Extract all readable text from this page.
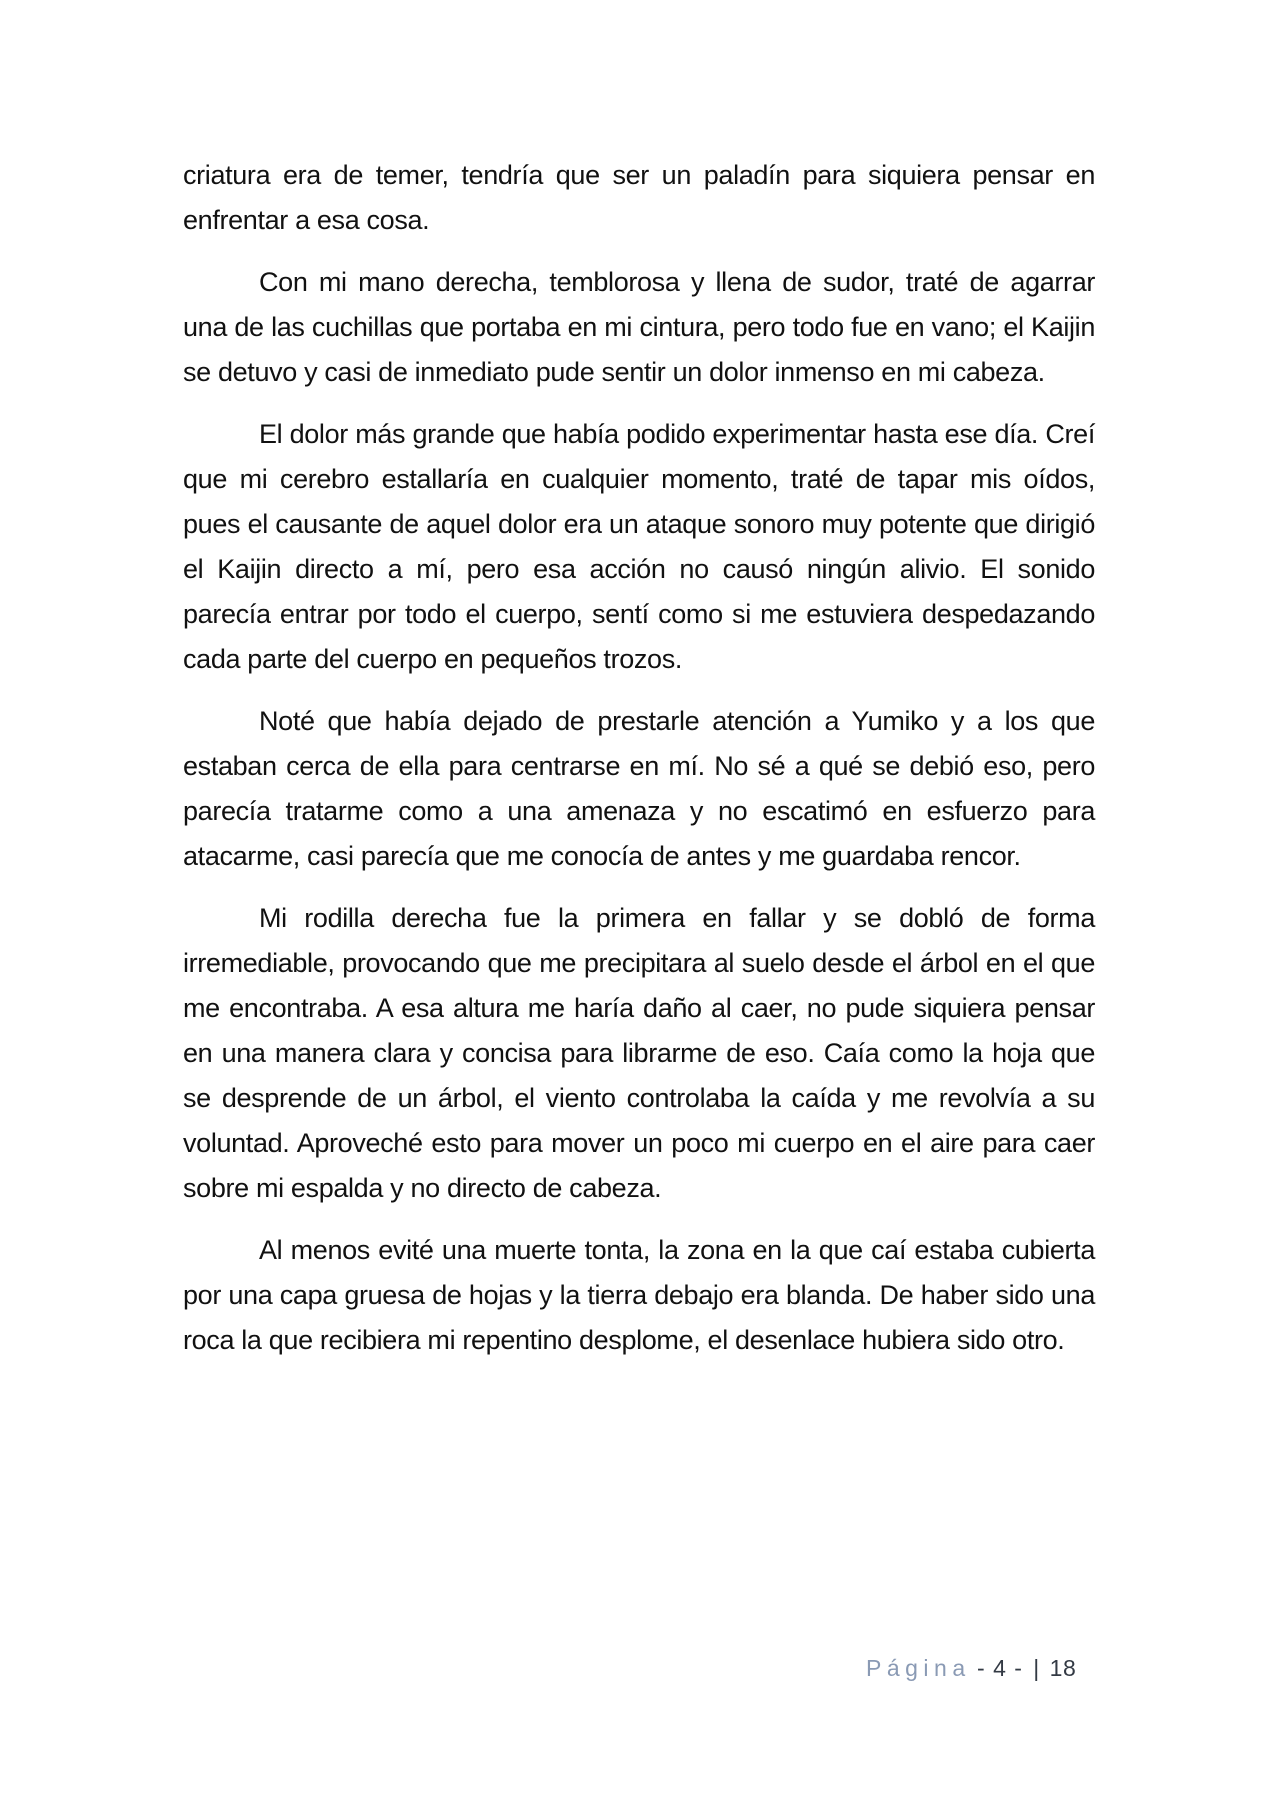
criatura era de temer, tendría que ser un paladín para siquiera pensar en enfrentar a esa cosa.

Con mi mano derecha, temblorosa y llena de sudor, traté de agarrar una de las cuchillas que portaba en mi cintura, pero todo fue en vano; el Kaijin se detuvo y casi de inmediato pude sentir un dolor inmenso en mi cabeza.

El dolor más grande que había podido experimentar hasta ese día. Creí que mi cerebro estallaría en cualquier momento, traté de tapar mis oídos, pues el causante de aquel dolor era un ataque sonoro muy potente que dirigió el Kaijin directo a mí, pero esa acción no causó ningún alivio. El sonido parecía entrar por todo el cuerpo, sentí como si me estuviera despedazando cada parte del cuerpo en pequeños trozos.

Noté que había dejado de prestarle atención a Yumiko y a los que estaban cerca de ella para centrarse en mí. No sé a qué se debió eso, pero parecía tratarme como a una amenaza y no escatimó en esfuerzo para atacarme, casi parecía que me conocía de antes y me guardaba rencor.

Mi rodilla derecha fue la primera en fallar y se dobló de forma irremediable, provocando que me precipitara al suelo desde el árbol en el que me encontraba. A esa altura me haría daño al caer, no pude siquiera pensar en una manera clara y concisa para librarme de eso. Caía como la hoja que se desprende de un árbol, el viento controlaba la caída y me revolvía a su voluntad. Aproveché esto para mover un poco mi cuerpo en el aire para caer sobre mi espalda y no directo de cabeza.

Al menos evité una muerte tonta, la zona en la que caí estaba cubierta por una capa gruesa de hojas y la tierra debajo era blanda. De haber sido una roca la que recibiera mi repentino desplome, el desenlace hubiera sido otro.

Página - 4 - | 18
